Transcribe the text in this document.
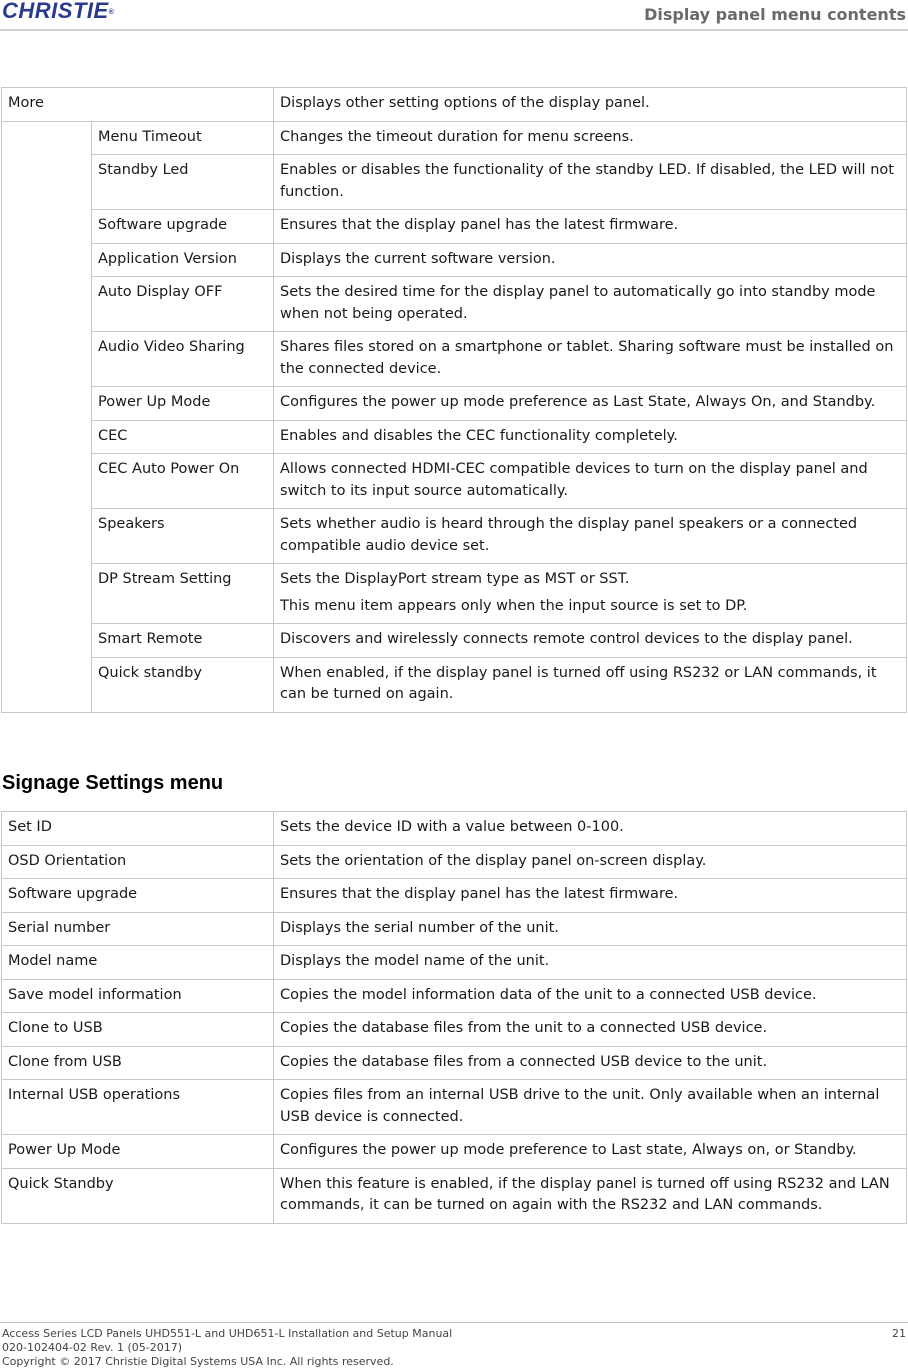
CHRISTIE®	Display panel menu contents
More		Displays other setting options of the display panel.
	Menu Timeout	Changes the timeout duration for menu screens.
	Standby Led	Enables or disables the functionality of the standby LED. If disabled, the LED will not function.
	Software upgrade	Ensures that the display panel has the latest firmware.
	Application Version	Displays the current software version.
	Auto Display OFF	Sets the desired time for the display panel to automatically go into standby mode when not being operated.
	Audio Video Sharing	Shares files stored on a smartphone or tablet. Sharing software must be installed on the connected device.
	Power Up Mode	Configures the power up mode preference as Last State, Always On, and Standby.
	CEC	Enables and disables the CEC functionality completely.
	CEC Auto Power On	Allows connected HDMI-CEC compatible devices to turn on the display panel and switch to its input source automatically.
	Speakers	Sets whether audio is heard through the display panel speakers or a connected compatible audio device set.
	DP Stream Setting	Sets the DisplayPort stream type as MST or SST.
This menu item appears only when the input source is set to DP.

	Smart Remote	Discovers and wirelessly connects remote control devices to the display panel.
	Quick standby	When enabled, if the display panel is turned off using RS232 or LAN commands, it can be turned on again.
Signage Settings menu
Set ID	Sets the device ID with a value between 0-100.
OSD Orientation	Sets the orientation of the display panel on-screen display.
Software upgrade	Ensures that the display panel has the latest firmware.
Serial number	Displays the serial number of the unit.
Model name	Displays the model name of the unit.
Save model information	Copies the model information data of the unit to a connected USB device.
Clone to USB	Copies the database files from the unit to a connected USB device.
Clone from USB	Copies the database files from a connected USB device to the unit.
Internal USB operations	Copies files from an internal USB drive to the unit. Only available when an internal USB device is connected.
Power Up Mode	Configures the power up mode preference to Last state, Always on, or Standby.
Quick Standby	When this feature is enabled, if the display panel is turned off using RS232 and LAN commands, it can be turned on again with the RS232 and LAN commands.
Access Series LCD Panels UHD551-L and UHD651-L Installation and Setup Manual
020-102404-02 Rev. 1 (05-2017)
Copyright © 2017 Christie Digital Systems USA Inc. All rights reserved.
21
